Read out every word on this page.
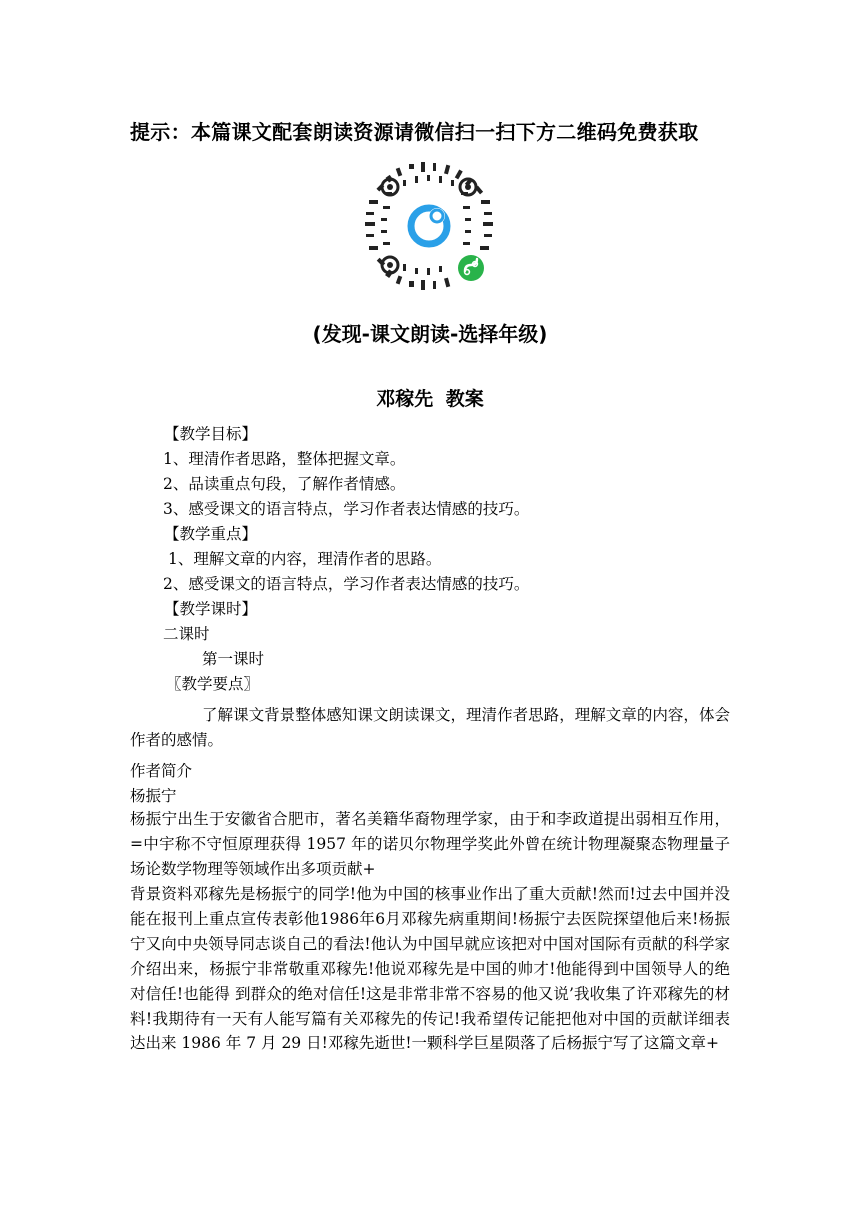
提示：本篇课文配套朗读资源请微信扫一扫下方二维码免费获取
(发现-课文朗读-选择年级)
邓稼先 教案
【教学目标】
1、理清作者思路，整体把握文章。
2、品读重点句段，了解作者情感。
3、感受课文的语言特点，学习作者表达情感的技巧。
【教学重点】
1、理解文章的内容，理清作者的思路。
2、感受课文的语言特点，学习作者表达情感的技巧。
【教学课时】
二课时
第一课时
〖教学要点〗
了解课文背景整体感知课文朗读课文，理清作者思路，理解文章的内容，体会作者的感情。
作者简介
杨振宁
杨振宁出生于安徽省合肥市，著名美籍华裔物理学家，由于和李政道提出弱相互作用，=中宇称不守恒原理获得 1957 年的诺贝尔物理学奖此外曾在统计物理凝聚态物理量子场论数学物理等领域作出多项贡献+
背景资料邓稼先是杨振宁的同学!他为中国的核事业作出了重大贡献!然而!过去中国并没能在报刊上重点宣传表彰他1986年6月邓稼先病重期间!杨振宁去医院探望他后来!杨振宁又向中央领导同志谈自己的看法!他认为中国早就应该把对中国对国际有贡献的科学家介绍出来，杨振宁非常敬重邓稼先!他说邓稼先是中国的帅才!他能得到中国领导人的绝对信任!也能得 到群众的绝对信任!这是非常非常不容易的他又说’我收集了许邓稼先的材料!我期待有一天有人能写篇有关邓稼先的传记!我希望传记能把他对中国的贡献详细表达出来 1986 年 7 月 29 日!邓稼先逝世!一颗科学巨星陨落了后杨振宁写了这篇文章+
